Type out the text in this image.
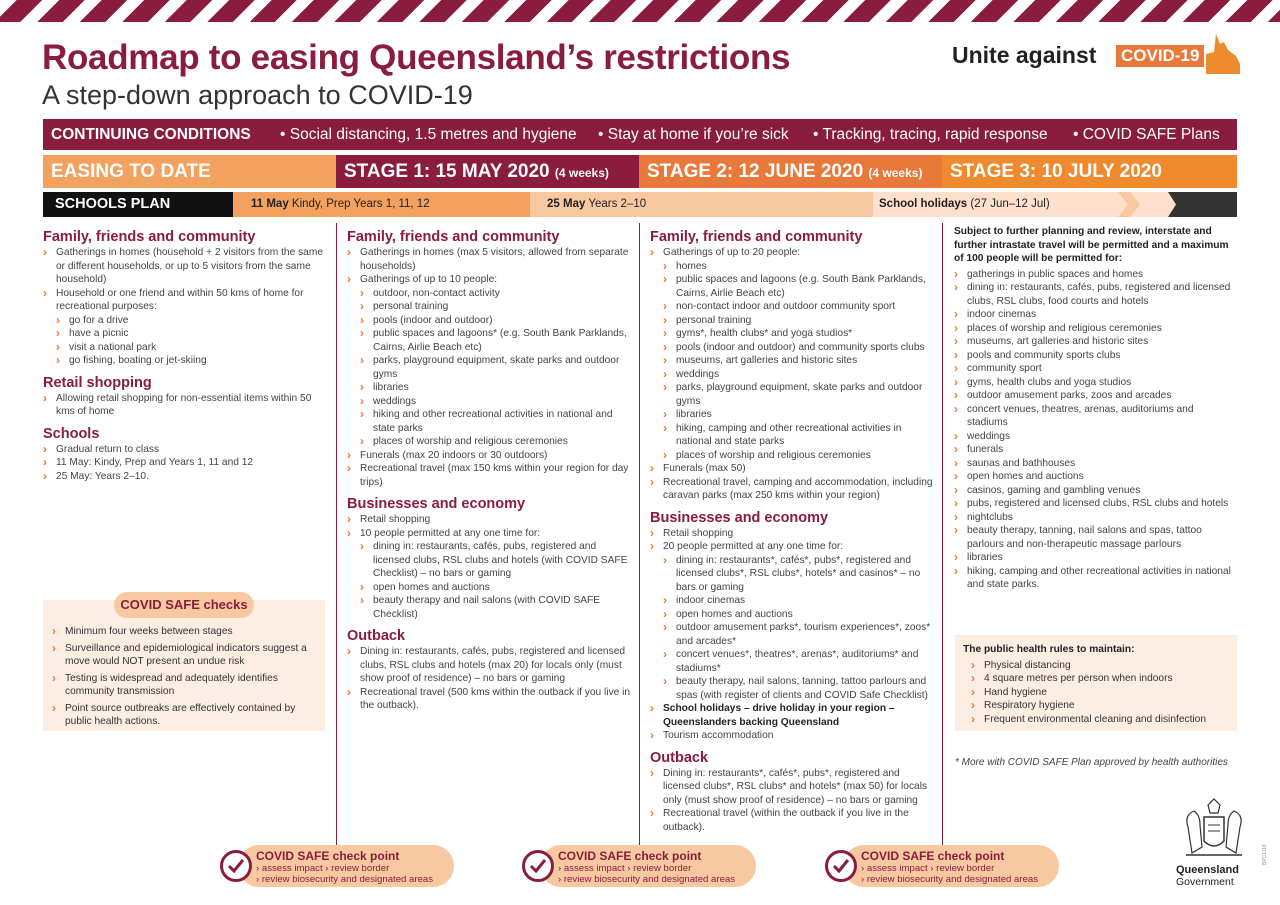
Roadmap to easing Queensland’s restrictions
A step-down approach to COVID-19
Unite against COVID-19
CONTINUING CONDITIONS	• Social distancing, 1.5 metres and hygiene • Stay at home if you’re sick • Tracking, tracing, rapid response • COVID SAFE Plans
EASING TO DATE	STAGE 1: 15 MAY 2020 (4 weeks)	STAGE 2: 12 JUNE 2020 (4 weeks)	STAGE 3: 10 JULY 2020
SCHOOLS PLAN	11 May Kindy, Prep Years 1, 11, 12	25 May Years 2–10	School holidays (27 Jun–12 Jul)
Family, friends and community
› Gatherings in homes (household + 2 visitors from the same or different households, or up to 5 visitors from the same household)
› Household or one friend and within 50 kms of home for recreational purposes:
› go for a drive
› have a picnic
› visit a national park
› go fishing, boating or jet-skiing
Retail shopping
› Allowing retail shopping for non-essential items within 50 kms of home
Schools
› Gradual return to class
› 11 May: Kindy, Prep and Years 1, 11 and 12
› 25 May: Years 2–10.
COVID SAFE checks
› Minimum four weeks between stages
› Surveillance and epidemiological indicators suggest a move would NOT present an undue risk
› Testing is widespread and adequately identifies community transmission
› Point source outbreaks are effectively contained by public health actions.
Family, friends and community
› Gatherings in homes (max 5 visitors, allowed from separate households)
› Gatherings of up to 10 people:
› outdoor, non-contact activity
› personal training
› pools (indoor and outdoor)
› public spaces and lagoons* (e.g. South Bank Parklands, Cairns, Airlie Beach etc)
› parks, playground equipment, skate parks and outdoor gyms
› libraries
› weddings
› hiking and other recreational activities in national and state parks
› places of worship and religious ceremonies
› Funerals (max 20 indoors or 30 outdoors)
› Recreational travel (max 150 kms within your region for day trips)
Businesses and economy
› Retail shopping
› 10 people permitted at any one time for:
› dining in: restaurants, cafés, pubs, registered and licensed clubs, RSL clubs and hotels (with COVID SAFE Checklist) – no bars or gaming
› open homes and auctions
› beauty therapy and nail salons (with COVID SAFE Checklist)
Outback
› Dining in: restaurants, cafés, pubs, registered and licensed clubs, RSL clubs and hotels (max 20) for locals only (must show proof of residence) – no bars or gaming
› Recreational travel (500 kms within the outback if you live in the outback).
Family, friends and community
› Gatherings of up to 20 people:
› homes
› public spaces and lagoons (e.g. South Bank Parklands, Cairns, Airlie Beach etc)
› non-contact indoor and outdoor community sport
› personal training
› gyms*, health clubs* and yoga studios*
› pools (indoor and outdoor) and community sports clubs
› museums, art galleries and historic sites
› weddings
› parks, playground equipment, skate parks and outdoor gyms
› libraries
› hiking, camping and other recreational activities in national and state parks
› places of worship and religious ceremonies
› Funerals (max 50)
› Recreational travel, camping and accommodation, including caravan parks (max 250 kms within your region)
Businesses and economy
› Retail shopping
› 20 people permitted at any one time for:
› dining in: restaurants*, cafés*, pubs*, registered and licensed clubs*, RSL clubs*, hotels* and casinos* – no bars or gaming
› indoor cinemas
› open homes and auctions
› outdoor amusement parks*, tourism experiences*, zoos* and arcades*
› concert venues*, theatres*, arenas*, auditoriums* and stadiums*
› beauty therapy, nail salons, tanning, tattoo parlours and spas (with register of clients and COVID Safe Checklist)
› School holidays – drive holiday in your region – Queenslanders backing Queensland
› Tourism accommodation
Outback
› Dining in: restaurants*, cafés*, pubs*, registered and licensed clubs*, RSL clubs* and hotels* (max 50) for locals only (must show proof of residence) – no bars or gaming
› Recreational travel (within the outback if you live in the outback).
Subject to further planning and review, interstate and further intrastate travel will be permitted and a maximum of 100 people will be permitted for:
› gatherings in public spaces and homes
› dining in: restaurants, cafés, pubs, registered and licensed clubs, RSL clubs, food courts and hotels
› indoor cinemas
› places of worship and religious ceremonies
› museums, art galleries and historic sites
› pools and community sports clubs
› community sport
› gyms, health clubs and yoga studios
› outdoor amusement parks, zoos and arcades
› concert venues, theatres, arenas, auditoriums and stadiums
› weddings
› funerals
› saunas and bathhouses
› open homes and auctions
› casinos, gaming and gambling venues
› pubs, registered and licensed clubs, RSL clubs and hotels
› nightclubs
› beauty therapy, tanning, nail salons and spas, tattoo parlours and non-therapeutic massage parlours
› libraries
› hiking, camping and other recreational activities in national and state parks.
The public health rules to maintain:
› Physical distancing
› 4 square metres per person when indoors
› Hand hygiene
› Respiratory hygiene
› Frequent environmental cleaning and disinfection
* More with COVID SAFE Plan approved by health authorities
COVID SAFE check point
› assess impact › review border
› review biosecurity and designated areas
COVID SAFE check point
› assess impact › review border
› review biosecurity and designated areas
COVID SAFE check point
› assess impact › review border
› review biosecurity and designated areas
Queensland
Government
BPC1118
